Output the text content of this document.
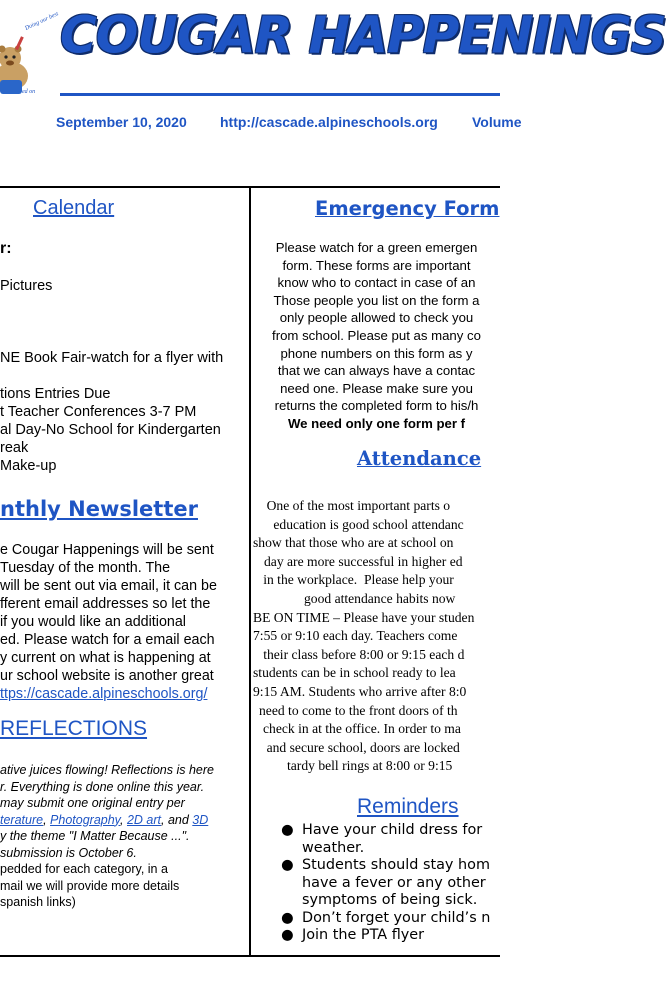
Doing our best
ed on
COUGAR HAPPENINGS
September 10, 2020 http://cascade.alpineschools.org Volume
Calendar
r:
Pictures
NE Book Fair-watch for a flyer with
tions Entries Due
t Teacher Conferences 3-7 PM
al Day-No School for Kindergarten
reak
Make-up
nthly Newsletter
e Cougar Happenings will be sent
Tuesday of the month. The
will be sent out via email, it can be
fferent email addresses so let the
if you would like an additional
ed. Please watch for a email each
y current on what is happening at
ur school website is another great
ttps://cascade.alpineschools.org/
REFLECTIONS
ative juices flowing! Reflections is here
r. Everything is done online this year.
may submit one original entry per
terature, Photography, 2D art, and 3D
y the theme "I Matter Because ...".
submission is October 6.
pedded for each category, in a
mail we will provide more details
spanish links)
Emergency Form
Please watch for a green emergen
form. These forms are important
know who to contact in case of an
Those people you list on the form a
only people allowed to check you
from school. Please put as many co
phone numbers on this form as y
that we can always have a contac
need one. Please make sure you
returns the completed form to his/h
We need only one form per f
Attendance
One of the most important parts o
education is good school attendanc
show that those who are at school on
day are more successful in higher ed
in the workplace.  Please help your
good attendance habits now
BE ON TIME – Please have your studen
7:55 or 9:10 each day. Teachers come
their class before 8:00 or 9:15 each d
students can be in school ready to lea
9:15 AM. Students who arrive after 8:0
need to come to the front doors of th
check in at the office. In order to ma
and secure school, doors are locked
tardy bell rings at 8:00 or 9:15
Reminders
● Have your child dress for
weather.
● Students should stay hom
have a fever or any other
symptoms of being sick.
● Don’t forget your child’s n
● Join the PTA flyer
